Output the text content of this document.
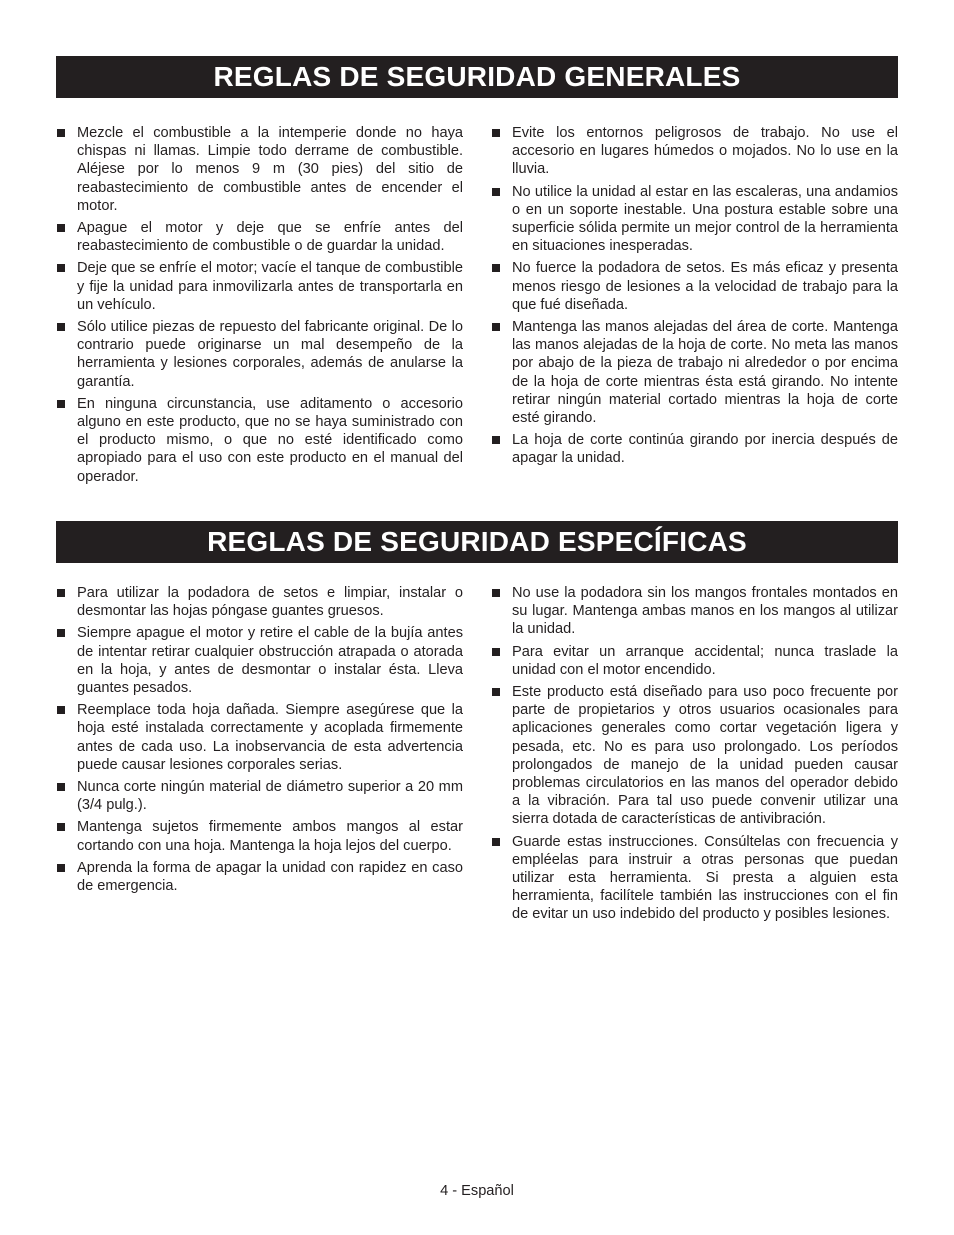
REGLAS DE SEGURIDAD GENERALES
Mezcle el combustible a la intemperie donde no haya chispas ni llamas. Limpie todo derrame de combustible. Aléjese por lo menos 9 m (30 pies) del sitio de reabastecimiento de combustible antes de encender el motor.
Apague el motor y deje que se enfríe antes del reabastecimiento de combustible o de guardar la unidad.
Deje que se enfríe el motor; vacíe el tanque de combustible y fije la unidad para inmovilizarla antes de transportarla en un vehículo.
Sólo utilice piezas de repuesto del fabricante original. De lo contrario puede originarse un mal desempeño de la herramienta y lesiones corporales, además de anularse la garantía.
En ninguna circunstancia, use aditamento o accesorio alguno en este producto, que no se haya suministrado con el producto mismo, o que no esté identificado como apropiado para el uso con este producto en el manual del operador.
Evite los entornos peligrosos de trabajo. No use el accesorio en lugares húmedos o mojados. No lo use en la lluvia.
No utilice la unidad al estar en las escaleras, una andamios o en un soporte inestable. Una postura estable sobre una superficie sólida permite un mejor control de la herramienta en situaciones inesperadas.
No fuerce la podadora de setos. Es más eficaz y presenta menos riesgo de lesiones a la velocidad de trabajo para la que fué diseñada.
Mantenga las manos alejadas del área de corte. Mantenga las manos alejadas de la hoja de corte. No meta las manos por abajo de la pieza de trabajo ni alrededor o por encima de la hoja de corte mientras ésta está girando. No intente retirar ningún material cortado mientras la hoja de corte esté girando.
La hoja de corte continúa girando por inercia después de apagar la unidad.
REGLAS DE SEGURIDAD ESPECÍFICAS
Para utilizar la podadora de setos e limpiar, instalar o desmontar las hojas póngase guantes gruesos.
Siempre apague el motor y retire el cable de la bujía antes de intentar retirar cualquier obstrucción atrapada o atorada en la hoja, y antes de desmontar o instalar ésta. Lleva guantes pesados.
Reemplace toda hoja dañada. Siempre asegúrese que la hoja esté instalada correctamente y acoplada firmemente antes de cada uso. La inobservancia de esta advertencia puede causar lesiones corporales serias.
Nunca corte ningún material de diámetro superior a 20 mm (3/4 pulg.).
Mantenga sujetos firmemente ambos mangos al estar cortando con una hoja. Mantenga la hoja lejos del cuerpo.
Aprenda la forma de apagar la unidad con rapidez en caso de emergencia.
No use la podadora sin los mangos frontales montados en su lugar. Mantenga ambas manos en los mangos al utilizar la unidad.
Para evitar un arranque accidental; nunca traslade la unidad con el motor encendido.
Este producto está diseñado para uso poco frecuente por parte de propietarios y otros usuarios ocasionales para aplicaciones generales como cortar vegetación ligera y pesada, etc. No es para uso prolongado. Los períodos prolongados de manejo de la unidad pueden causar problemas circulatorios en las manos del operador debido a la vibración. Para tal uso puede convenir utilizar una sierra dotada de características de antivibración.
Guarde estas instrucciones. Consúltelas con frecuencia y empléelas para instruir a otras personas que puedan utilizar esta herramienta. Si presta a alguien esta herramienta, facilítele también las instrucciones con el fin de evitar un uso indebido del producto y posibles lesiones.
4 - Español
